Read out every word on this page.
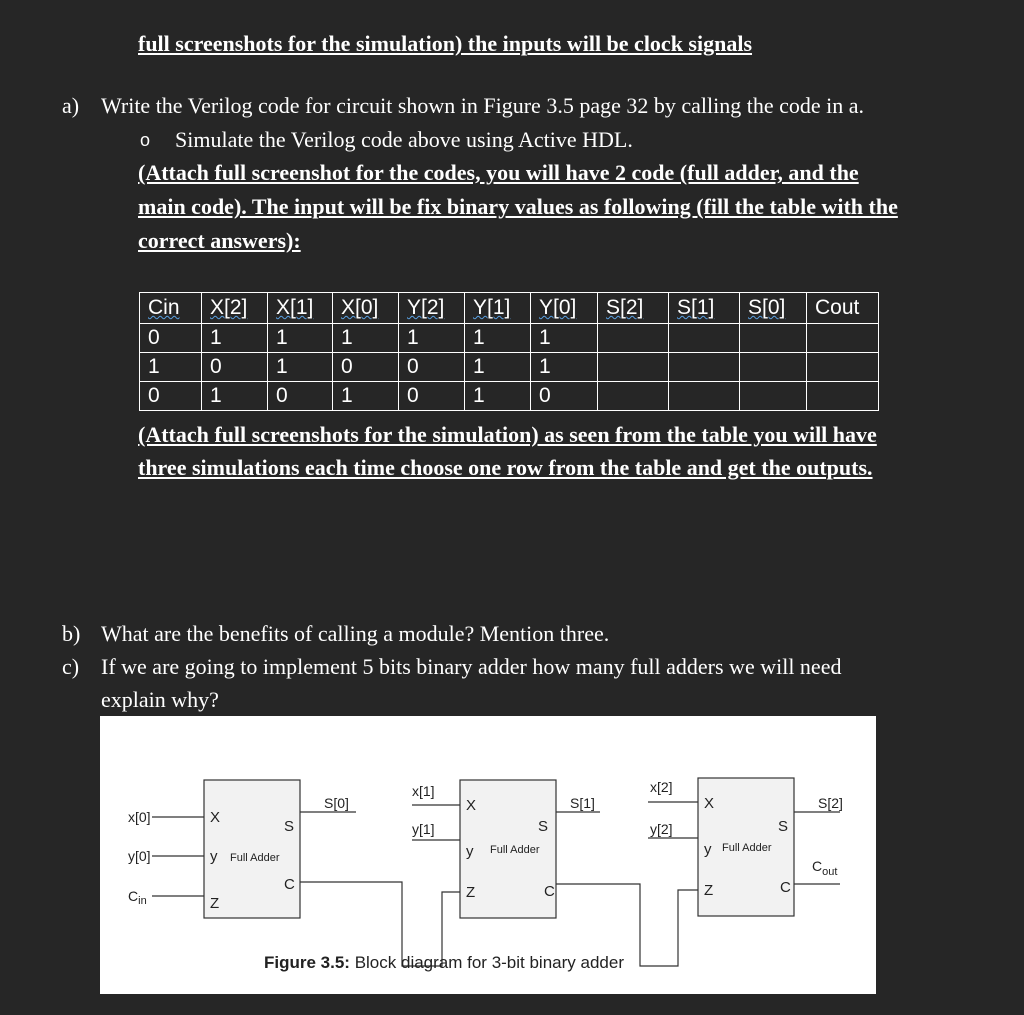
full screenshots for the simulation) the inputs will be clock signals
a) Write the Verilog code for circuit shown in Figure 3.5 page 32 by calling the code in a.
o Simulate the Verilog code above using Active HDL.
(Attach full screenshot for the codes, you will have 2 code (full adder, and the
main code). The input will be fix binary values as following (fill the table with the
correct answers):
Cin	X[2]	X[1]	X[0]	Y[2]	Y[1]	Y[0]	S[2]	S[1]	S[0]	Cout
0	1	1	1	1	1	1				
1	0	1	0	0	1	1				
0	1	0	1	0	1	0				
(Attach full screenshots for the simulation) as seen from the table you will have
three simulations each time choose one row from the table and get the outputs.
b) What are the benefits of calling a module? Mention three.
c) If we are going to implement 5 bits binary adder how many full adders we will need
explain why?
x[0]
y[0]
$C_{in}$
X
y
Z
S
C
Full Adder
S[0]
x[1]
y[1]
X
y
Z
S
C
Full Adder
S[1]
x[2]
y[2]
X
y
Z
S
C
Full Adder
S[2]
$C_{out}$
Figure 3.5: Block diagram for 3-bit binary adder
